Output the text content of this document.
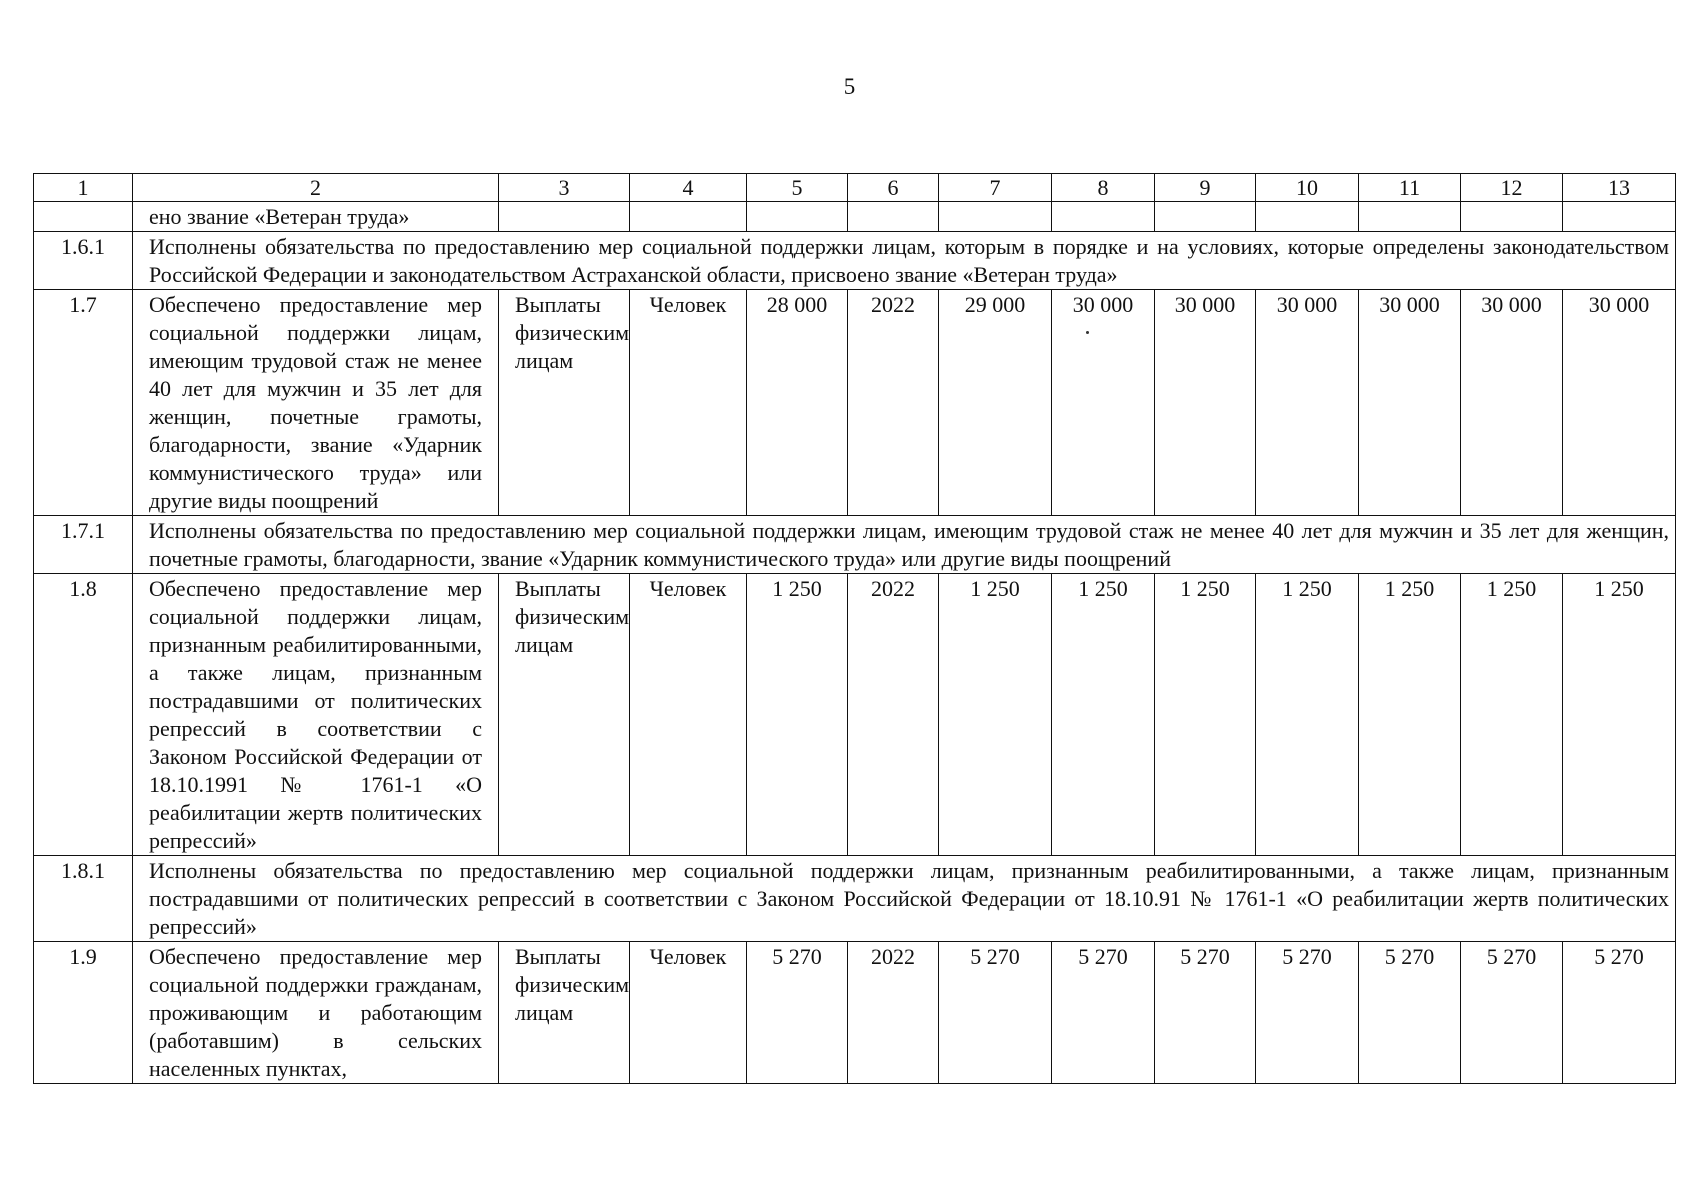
5
1	2	3	4	5	6	7	8	9	10	11	12	13
	ено звание «Ветеран труда»											
1.6.1	Исполнены обязательства по предоставлению мер социальной поддержки лицам, которым в порядке и на условиях, которые определены законодательством Российской Федерации и законодательством Астраханской области, присвоено звание «Ветеран труда»											
1.7	Обеспечено предоставление мер социальной поддержки лицам, имеющим трудовой стаж не менее 40 лет для мужчин и 35 лет для женщин, почетные грамоты, благодарности, звание «Ударник коммунистического труда» или другие виды поощрений	Выплаты физическим лицам	Человек	28 000	2022	29 000	30 000	30 000	30 000	30 000	30 000	30 000
1.7.1	Исполнены обязательства по предоставлению мер социальной поддержки лицам, имеющим трудовой стаж не менее 40 лет для мужчин и 35 лет для женщин, почетные грамоты, благодарности, звание «Ударник коммунистического труда» или другие виды поощрений											
1.8	Обеспечено предоставление мер социальной поддержки лицам, признанным реабилитированными, а также лицам, признанным пострадавшими от политических репрессий в соответствии с Законом Российской Федерации от 18.10.1991 № 1761-1 «О реабилитации жертв политических репрессий»	Выплаты физическим лицам	Человек	1 250	2022	1 250	1 250	1 250	1 250	1 250	1 250	1 250
1.8.1	Исполнены обязательства по предоставлению мер социальной поддержки лицам, признанным реабилитированными, а также лицам, признанным пострадавшими от политических репрессий в соответствии с Законом Российской Федерации от 18.10.91 № 1761-1 «О реабилитации жертв политических репрессий»											
1.9	Обеспечено предоставление мер социальной поддержки гражданам, проживающим и работающим (работавшим) в сельских населенных пунктах,	Выплаты физическим лицам	Человек	5 270	2022	5 270	5 270	5 270	5 270	5 270	5 270	5 270
